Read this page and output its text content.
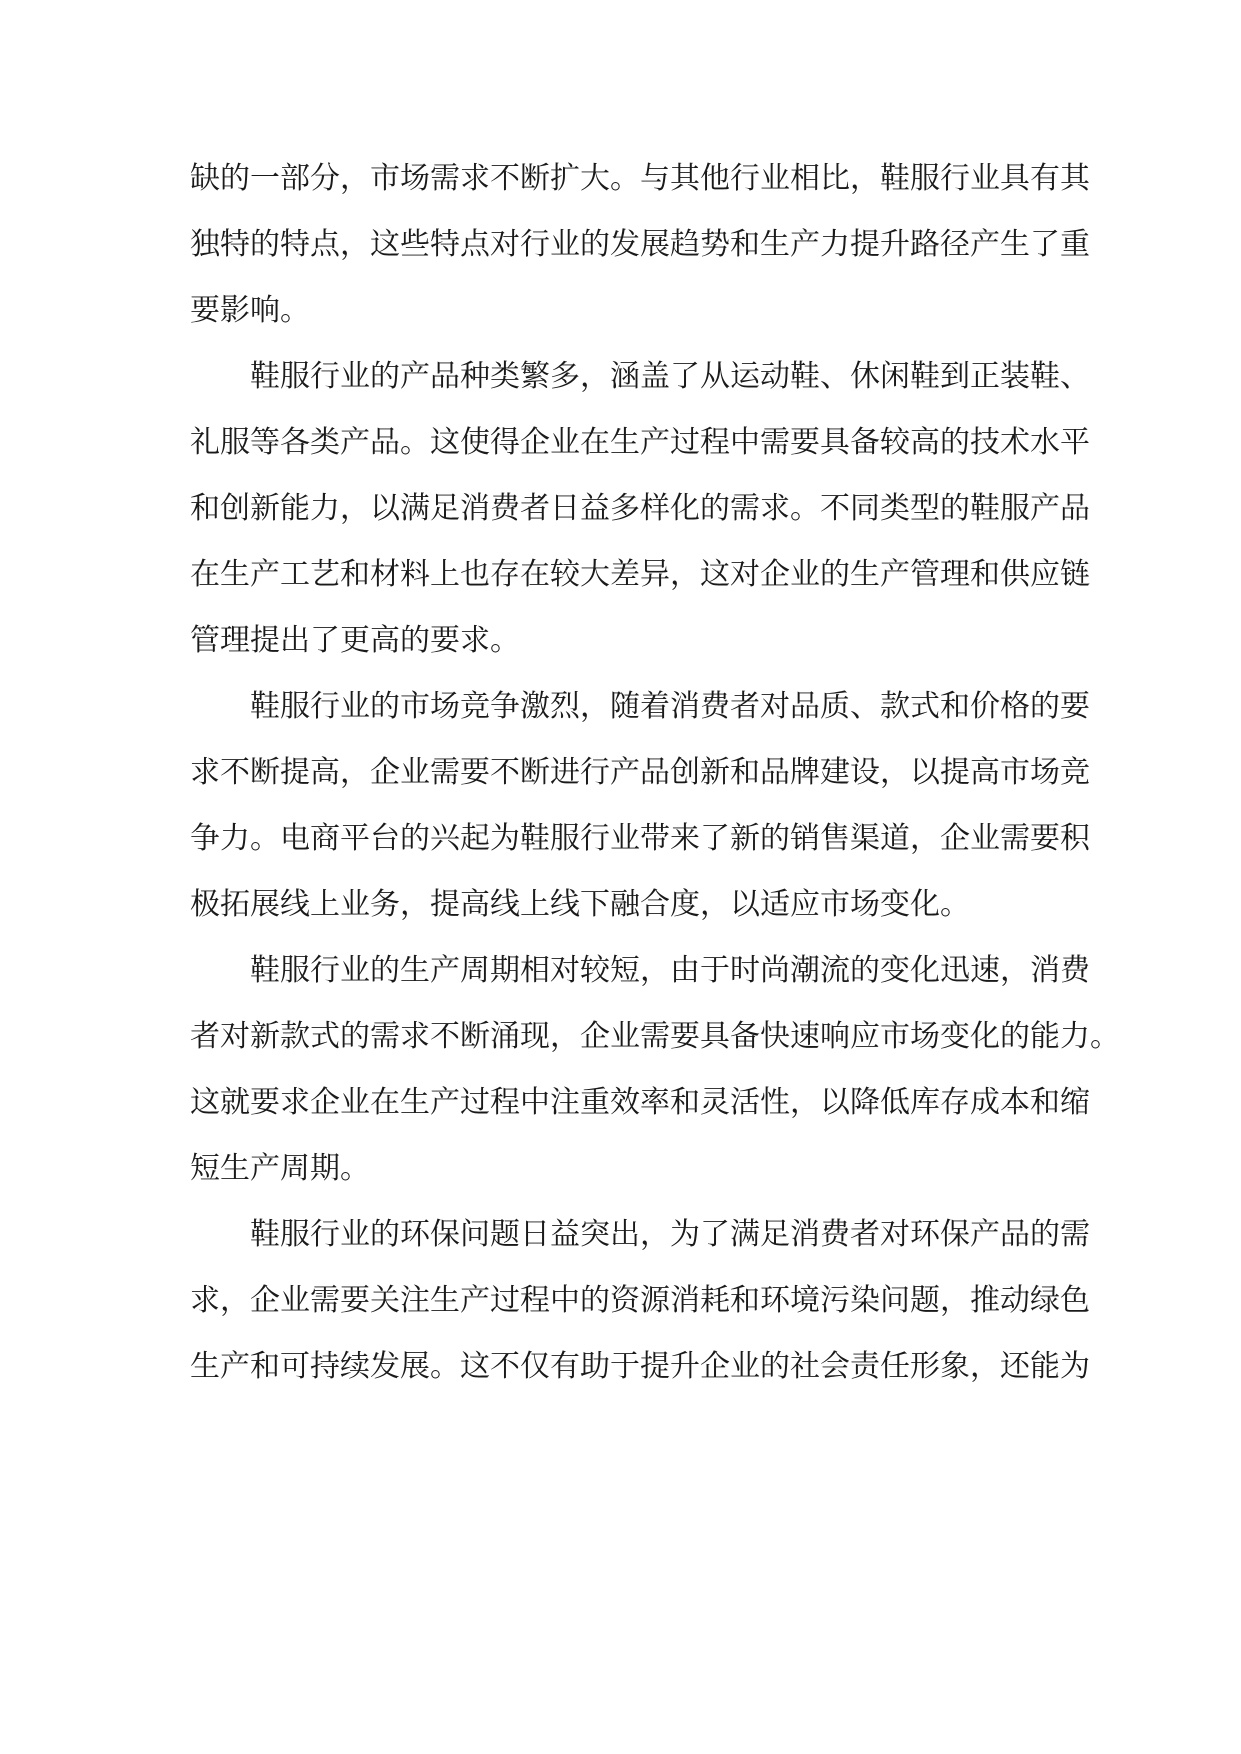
缺的一部分，市场需求不断扩大。与其他行业相比，鞋服行业具有其
独特的特点，这些特点对行业的发展趋势和生产力提升路径产生了重
要影响。
鞋服行业的产品种类繁多，涵盖了从运动鞋、休闲鞋到正装鞋、
礼服等各类产品。这使得企业在生产过程中需要具备较高的技术水平
和创新能力，以满足消费者日益多样化的需求。不同类型的鞋服产品
在生产工艺和材料上也存在较大差异，这对企业的生产管理和供应链
管理提出了更高的要求。
鞋服行业的市场竞争激烈，随着消费者对品质、款式和价格的要
求不断提高，企业需要不断进行产品创新和品牌建设，以提高市场竞
争力。电商平台的兴起为鞋服行业带来了新的销售渠道，企业需要积
极拓展线上业务，提高线上线下融合度，以适应市场变化。
鞋服行业的生产周期相对较短，由于时尚潮流的变化迅速，消费
者对新款式的需求不断涌现，企业需要具备快速响应市场变化的能力。
这就要求企业在生产过程中注重效率和灵活性，以降低库存成本和缩
短生产周期。
鞋服行业的环保问题日益突出，为了满足消费者对环保产品的需
求，企业需要关注生产过程中的资源消耗和环境污染问题，推动绿色
生产和可持续发展。这不仅有助于提升企业的社会责任形象，还能为
